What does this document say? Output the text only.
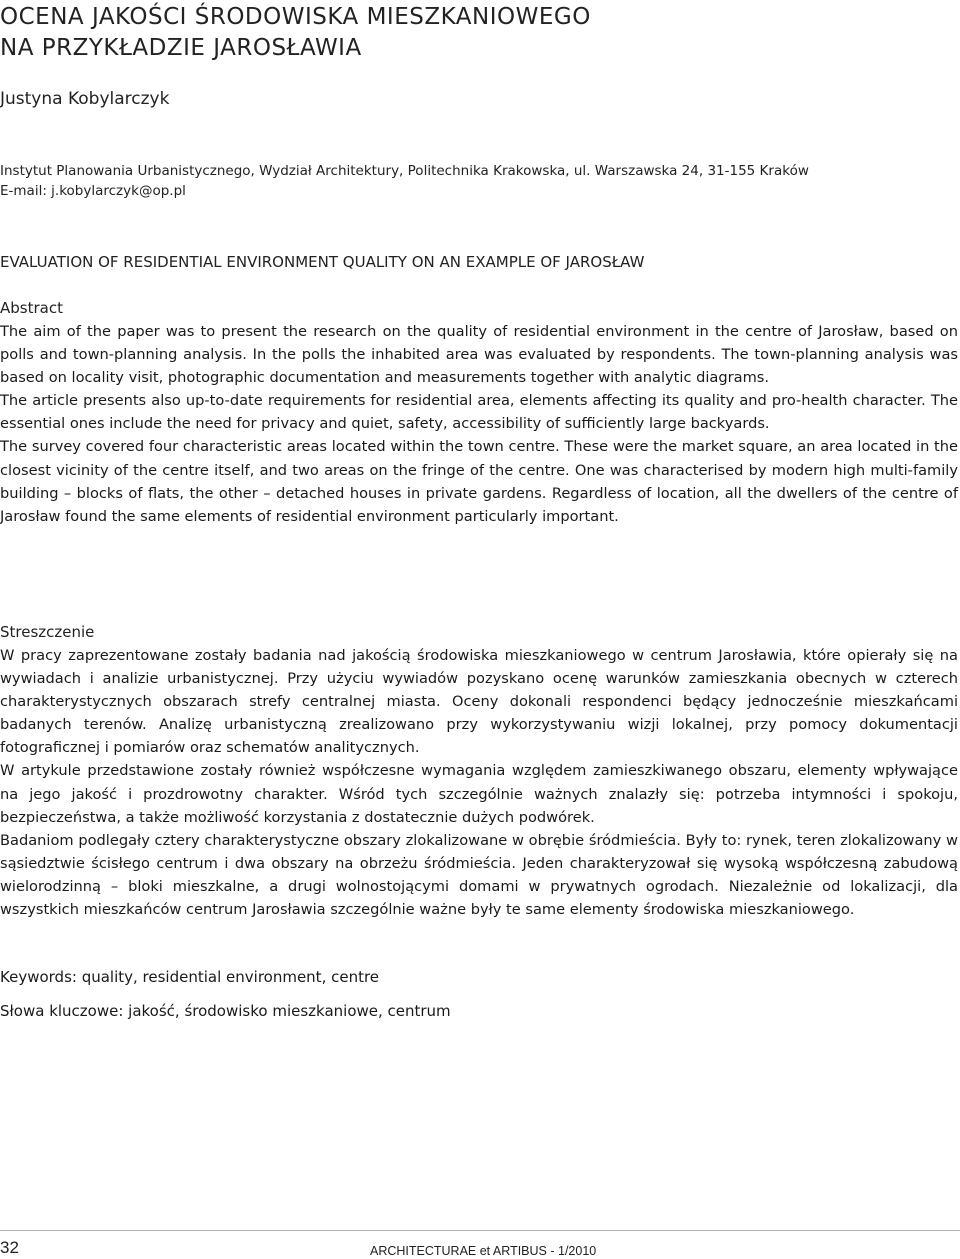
OCENA JAKOŚCI ŚRODOWISKA MIESZKANIOWEGO
NA PRZYKŁADZIE JAROSŁAWIA
Justyna Kobylarczyk
Instytut Planowania Urbanistycznego, Wydział Architektury, Politechnika Krakowska, ul. Warszawska 24, 31-155 Kraków
E-mail: j.kobylarczyk@op.pl
EVALUATION OF RESIDENTIAL ENVIRONMENT QUALITY ON AN EXAMPLE OF JAROSŁAW
Abstract

The aim of the paper was to present the research on the quality of residential environment in the centre of Jarosław, based on polls and town-planning analysis. In the polls the inhabited area was evaluated by respondents. The town-planning analysis was based on locality visit, photographic documentation and measurements together with analytic diagrams.

The article presents also up-to-date requirements for residential area, elements affecting its quality and pro-health character. The essential ones include the need for privacy and quiet, safety, accessibility of sufficiently large backyards.

The survey covered four characteristic areas located within the town centre. These were the market square, an area located in the closest vicinity of the centre itself, and two areas on the fringe of the centre. One was characterised by modern high multi-family building – blocks of flats, the other – detached houses in private gardens. Regardless of location, all the dwellers of the centre of Jarosław found the same elements of residential environment particularly important.

Streszczenie

W pracy zaprezentowane zostały badania nad jakością środowiska mieszkaniowego w centrum Jarosławia, które opierały się na wywiadach i analizie urbanistycznej. Przy użyciu wywiadów pozyskano ocenę warunków zamieszkania obecnych w czterech charakterystycznych obszarach strefy centralnej miasta. Oceny dokonali respondenci będący jednocześnie mieszkańcami badanych terenów. Analizę urbanistyczną zrealizowano przy wykorzystywaniu wizji lokalnej, przy pomocy dokumentacji fotograficznej i pomiarów oraz schematów analitycznych.

W artykule przedstawione zostały również współczesne wymagania względem zamieszkiwanego obszaru, elementy wpływające na jego jakość i prozdrowotny charakter. Wśród tych szczególnie ważnych znalazły się: potrzeba intymności i spokoju, bezpieczeństwa, a także możliwość korzystania z dostatecznie dużych podwórek.

Badaniom podlegały cztery charakterystyczne obszary zlokalizowane w obrębie śródmieścia. Były to: rynek, teren zlokalizowany w sąsiedztwie ścisłego centrum i dwa obszary na obrzeżu śródmieścia. Jeden charakteryzował się wysoką współczesną zabudową wielorodzinną – bloki mieszkalne, a drugi wolnostojącymi domami w prywatnych ogrodach. Niezależnie od lokalizacji, dla wszystkich mieszkańców centrum Jarosławia szczególnie ważne były te same elementy środowiska mieszkaniowego.

Keywords: quality, residential environment, centre
Słowa kluczowe: jakość, środowisko mieszkaniowe, centrum
32	ARCHITECTURAE et ARTIBUS - 1/2010
